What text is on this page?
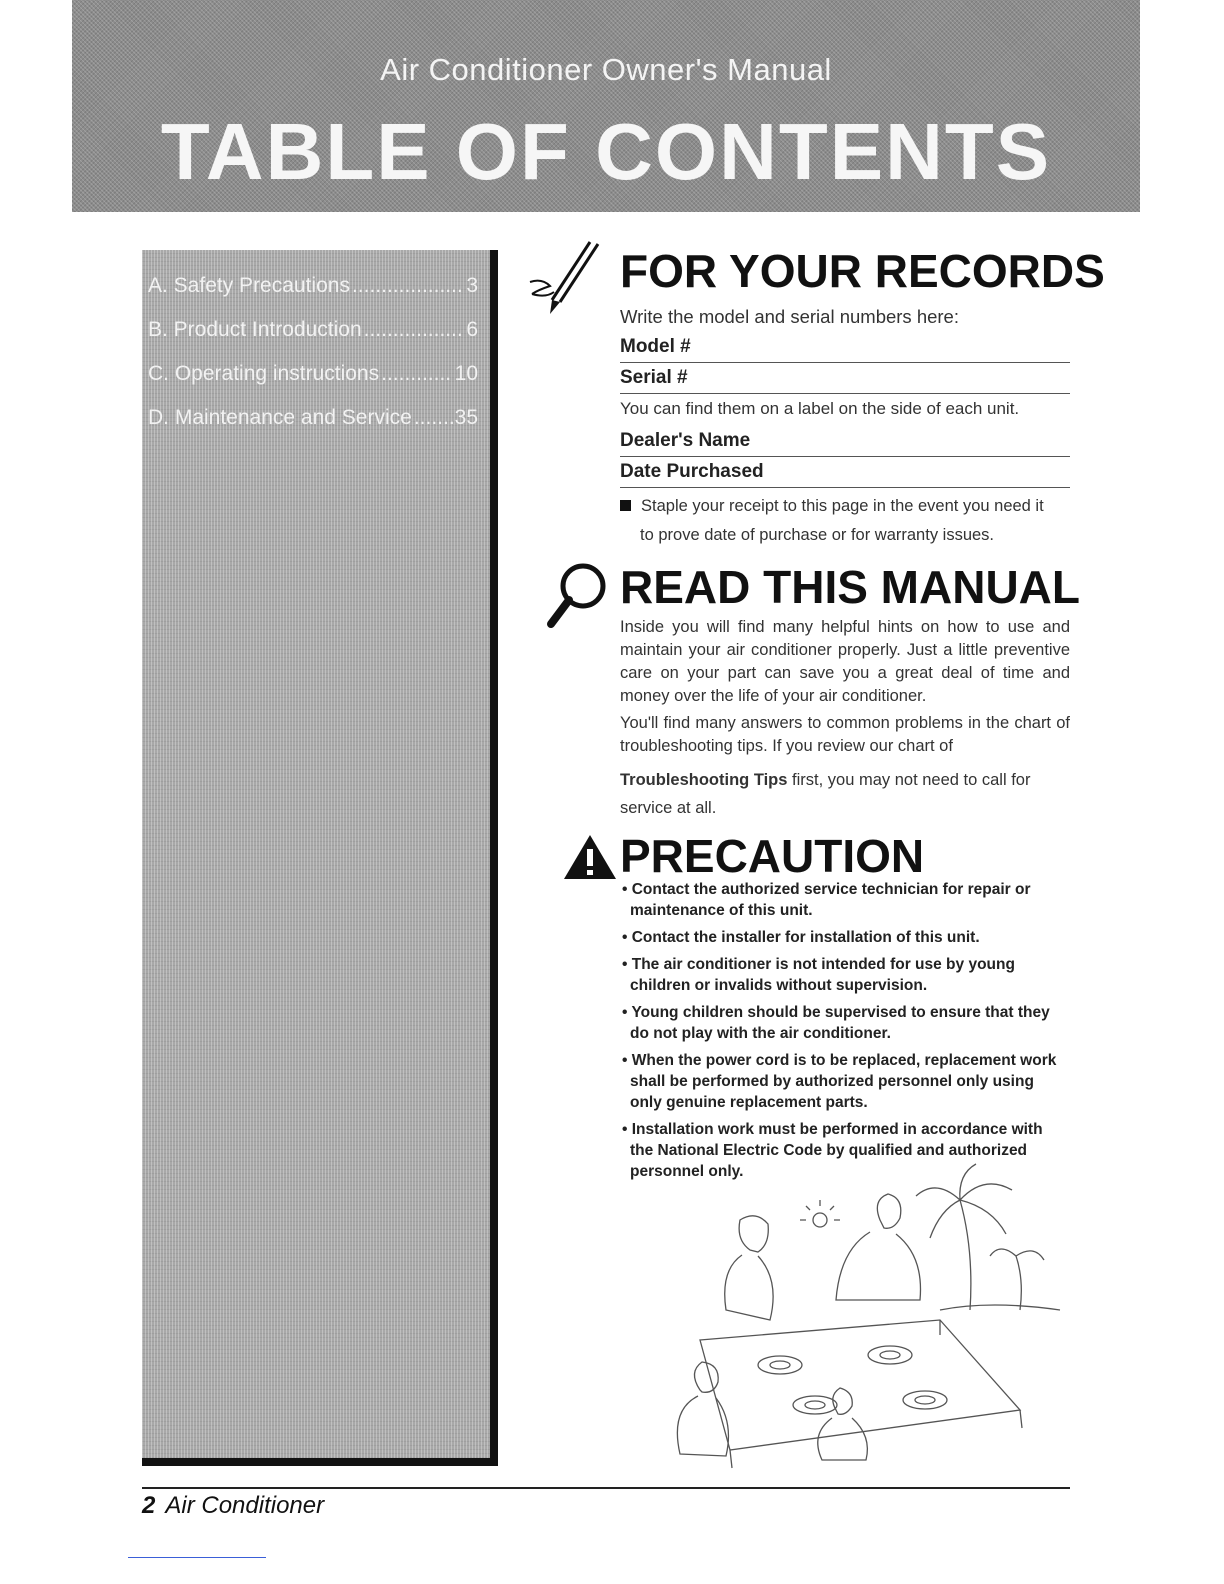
Air Conditioner Owner's Manual
TABLE OF CONTENTS
A. Safety Precautions .....	3
B. Product Introduction .....	6
C. Operating instructions .....	10
D. Maintenance and Service ..... 35
FOR YOUR RECORDS
Write the model and serial numbers here:
Model #
Serial #
You can find them on a label on the side of each unit.
Dealer's Name
Date Purchased
Staple your receipt to this page in the event you need it
to prove date of purchase or for warranty issues.
READ THIS MANUAL
Inside you will find many helpful hints on how to use and maintain your air conditioner properly. Just a little preventive care on your part can save you a great deal of time and money over the life of your air conditioner.
You'll find many answers to common problems in the chart of troubleshooting tips. If you review our chart of
Troubleshooting Tips first, you may not need to call for service at all.
PRECAUTION
• Contact the authorized service technician for repair or maintenance of this unit.
• Contact the installer for installation of this unit.
• The air conditioner is not intended for use by young children or invalids without supervision.
• Young children should be supervised to ensure that they do not play with the air conditioner.
• When the power cord is to be replaced, replacement work shall be performed by authorized personnel only using only genuine replacement parts.
• Installation work must be performed in accordance with the National Electric Code by qualified and authorized personnel only.
2 Air Conditioner
